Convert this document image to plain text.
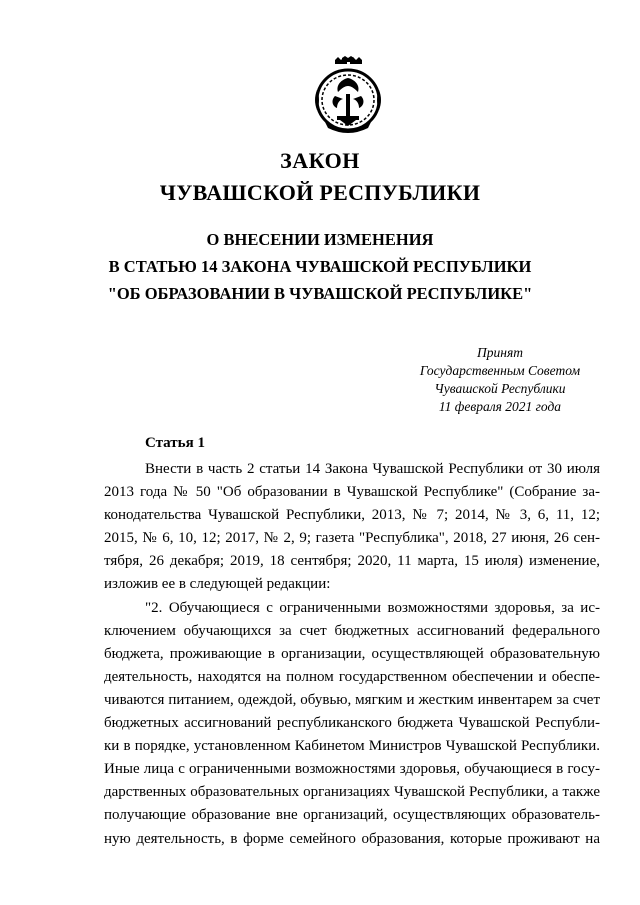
ЗАКОН
ЧУВАШСКОЙ РЕСПУБЛИКИ

О ВНЕСЕНИИ ИЗМЕНЕНИЯ

В СТАТЬЮ 14 ЗАКОНА ЧУВАШСКОЙ РЕСПУБЛИКИ

"ОБ ОБРАЗОВАНИИ В ЧУВАШСКОЙ РЕСПУБЛИКЕ"

Принят
Государственным Советом
Чувашской Республики
11 февраля 2021 года

Статья 1

Внести в часть 2 статьи 14 Закона Чувашской Республики от 30 июля
2013 года № 50 "Об образовании в Чувашской Республике" (Собрание за-
конодательства Чувашской Республики, 2013, № 7; 2014, № 3, 6, 11, 12;
2015, № 6, 10, 12; 2017, № 2, 9; газета "Республика", 2018, 27 июня, 26 сен-
тября, 26 декабря; 2019, 18 сентября; 2020, 11 марта, 15 июля) изменение,
изложив ее в следующей редакции:
"2. Обучающиеся с ограниченными возможностями здоровья, за ис-
ключением обучающихся за счет бюджетных ассигнований федерального
бюджета, проживающие в организации, осуществляющей образовательную
деятельность, находятся на полном государственном обеспечении и обеспе-
чиваются питанием, одеждой, обувью, мягким и жестким инвентарем за счет
бюджетных ассигнований республиканского бюджета Чувашской Республи-
ки в порядке, установленном Кабинетом Министров Чувашской Республики.
Иные лица с ограниченными возможностями здоровья, обучающиеся в госу-
дарственных образовательных организациях Чувашской Республики, а также
получающие образование вне организаций, осуществляющих образователь-
ную деятельность, в форме семейного образования, которые проживают на
